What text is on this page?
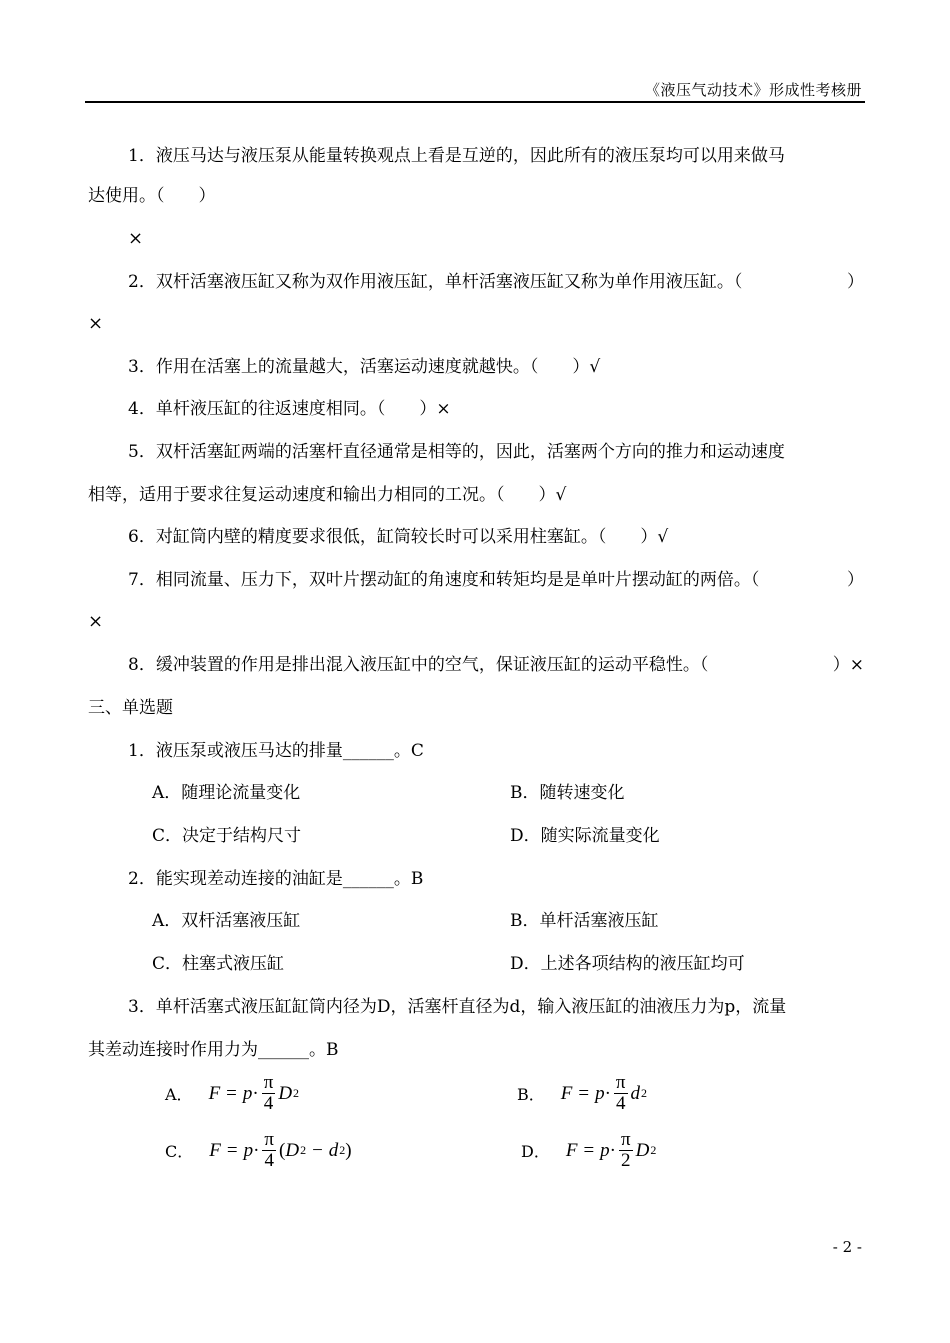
《液压气动技术》形成性考核册
1．液压马达与液压泵从能量转换观点上看是互逆的，因此所有的液压泵均可以用来做马
达使用。（　　）
×
2．双杆活塞液压缸又称为双作用液压缸，单杆活塞液压缸又称为单作用液压缸。（	）
×
3．作用在活塞上的流量越大，活塞运动速度就越快。（　　）√
4．单杆液压缸的往返速度相同。（　　）×
5．双杆活塞缸两端的活塞杆直径通常是相等的，因此，活塞两个方向的推力和运动速度
相等，适用于要求往复运动速度和输出力相同的工况。（　　）√
6．对缸筒内壁的精度要求很低，缸筒较长时可以采用柱塞缸。（　　）√
7．相同流量、压力下，双叶片摆动缸的角速度和转矩均是是单叶片摆动缸的两倍。（	）
×
8．缓冲装置的作用是排出混入液压缸中的空气，保证液压缸的运动平稳性。（	）×
三、单选题
1．液压泵或液压马达的排量______。C
A．随理论流量变化	B．随转速变化
C．决定于结构尺寸	D．随实际流量变化
2．能实现差动连接的油缸是______。B
A．双杆活塞液压缸	B．单杆活塞液压缸
C．柱塞式液压缸	D．上述各项结构的液压缸均可
3．单杆活塞式液压缸缸筒内径为D，活塞杆直径为d，输入液压缸的油液压力为p，流量
其差动连接时作用力为______。B
A． $F = p \cdot \frac{\pi}{4}$ D 2	B． $F = p \cdot \frac{\pi}{4}$ d 2
C． $F = p \cdot \frac{\pi}{4}$ ( D 2 − d 2 )	D． $F = p \cdot \frac{\pi}{2}$ D 2
- 2 -
